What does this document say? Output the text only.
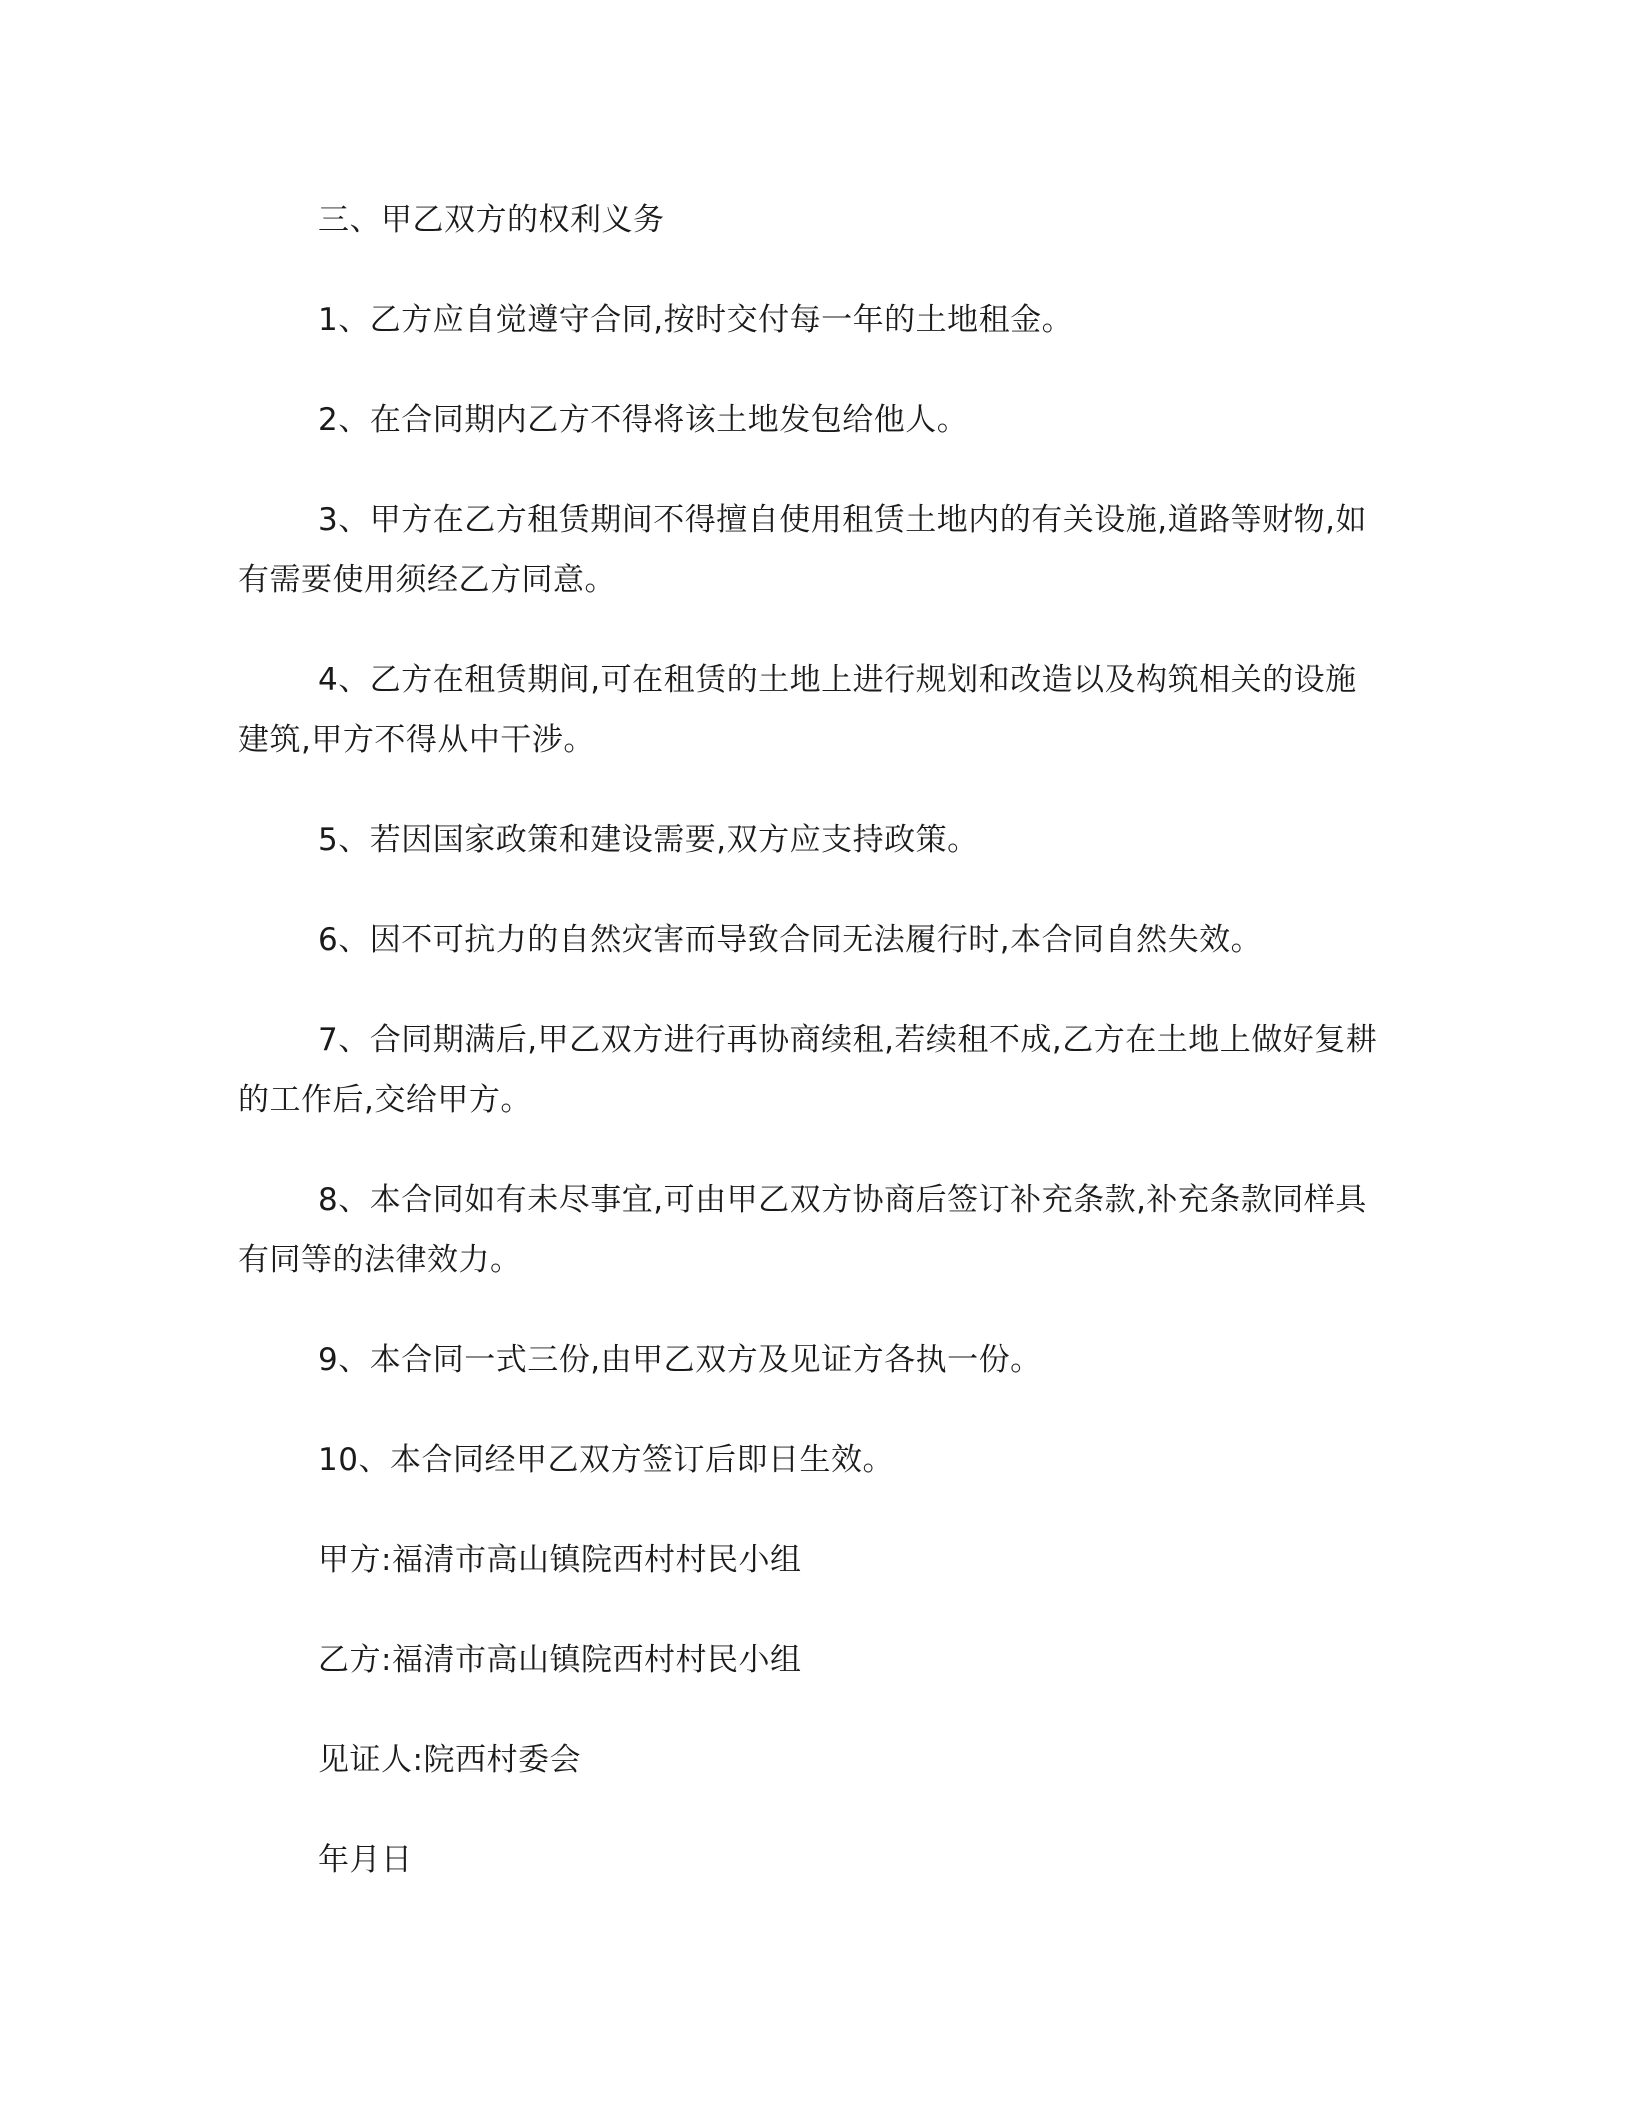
三、甲乙双方的权利义务

1、乙方应自觉遵守合同,按时交付每一年的土地租金。

2、在合同期内乙方不得将该土地发包给他人。

3、甲方在乙方租赁期间不得擅自使用租赁土地内的有关设施,道路等财物,如有需要使用须经乙方同意。

4、乙方在租赁期间,可在租赁的土地上进行规划和改造以及构筑相关的设施建筑,甲方不得从中干涉。

5、若因国家政策和建设需要,双方应支持政策。

6、因不可抗力的自然灾害而导致合同无法履行时,本合同自然失效。

7、合同期满后,甲乙双方进行再协商续租,若续租不成,乙方在土地上做好复耕的工作后,交给甲方。

8、本合同如有未尽事宜,可由甲乙双方协商后签订补充条款,补充条款同样具有同等的法律效力。

9、本合同一式三份,由甲乙双方及见证方各执一份。

10、本合同经甲乙双方签订后即日生效。

甲方:福清市高山镇院西村村民小组

乙方:福清市高山镇院西村村民小组

见证人:院西村委会

年月日
